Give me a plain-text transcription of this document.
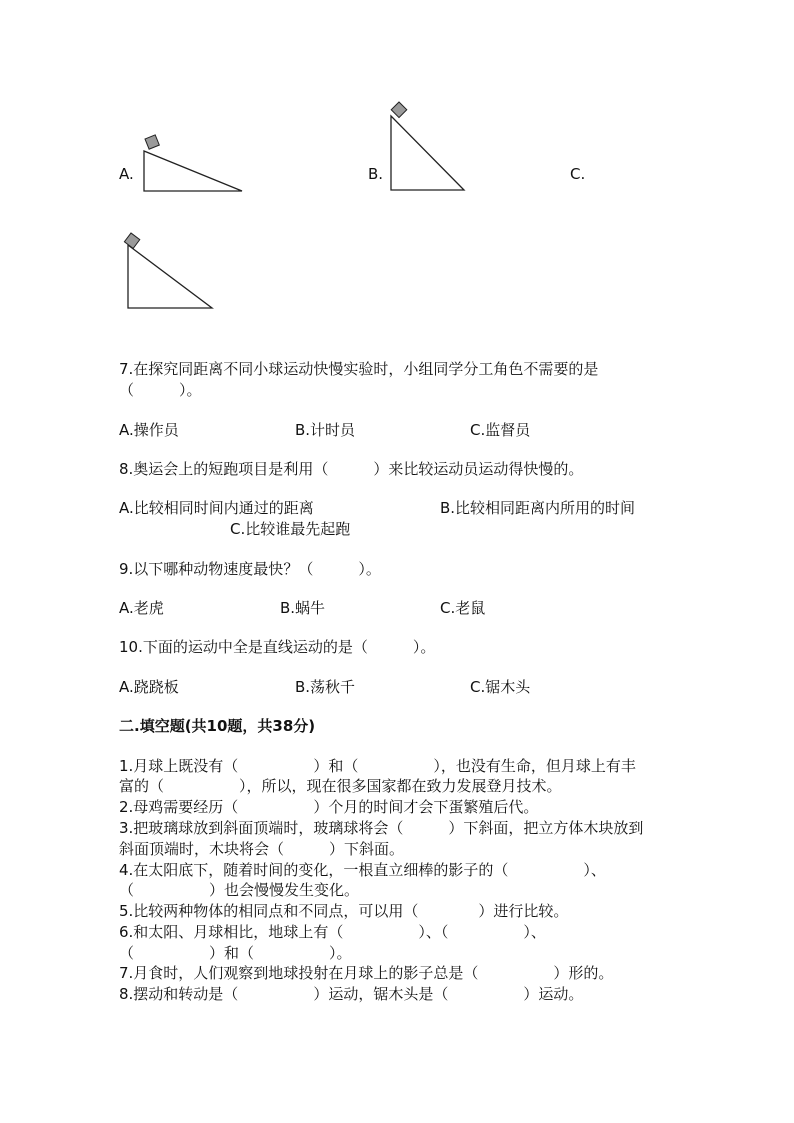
A.	B.	C.
7.在探究同距离不同小球运动快慢实验时，小组同学分工角色不需要的是
（　　　）。
A.操作员	B.计时员	C.监督员
8.奥运会上的短跑项目是利用（　　　）来比较运动员运动得快慢的。
A.比较相同时间内通过的距离	B.比较相同距离内所用的时间
C.比较谁最先起跑
9.以下哪种动物速度最快？（　　　）。
A.老虎	B.蜗牛	C.老鼠
10.下面的运动中全是直线运动的是（　　　）。
A.跷跷板	B.荡秋千	C.锯木头
二.填空题(共10题，共38分)
1.月球上既没有（　　　　　）和（　　　　　），也没有生命，但月球上有丰
富的（　　　　　），所以，现在很多国家都在致力发展登月技术。
2.母鸡需要经历（　　　　　）个月的时间才会下蛋繁殖后代。
3.把玻璃球放到斜面顶端时，玻璃球将会（　　　）下斜面，把立方体木块放到
斜面顶端时，木块将会（　　　）下斜面。
4.在太阳底下，随着时间的变化，一根直立细棒的影子的（　　　　　）、
（　　　　　）也会慢慢发生变化。
5.比较两种物体的相同点和不同点，可以用（　　　　）进行比较。
6.和太阳、月球相比，地球上有（　　　　　）、（　　　　　）、
（　　　　　）和（　　　　　）。
7.月食时，人们观察到地球投射在月球上的影子总是（　　　　　）形的。
8.摆动和转动是（　　　　　）运动，锯木头是（　　　　　）运动。
